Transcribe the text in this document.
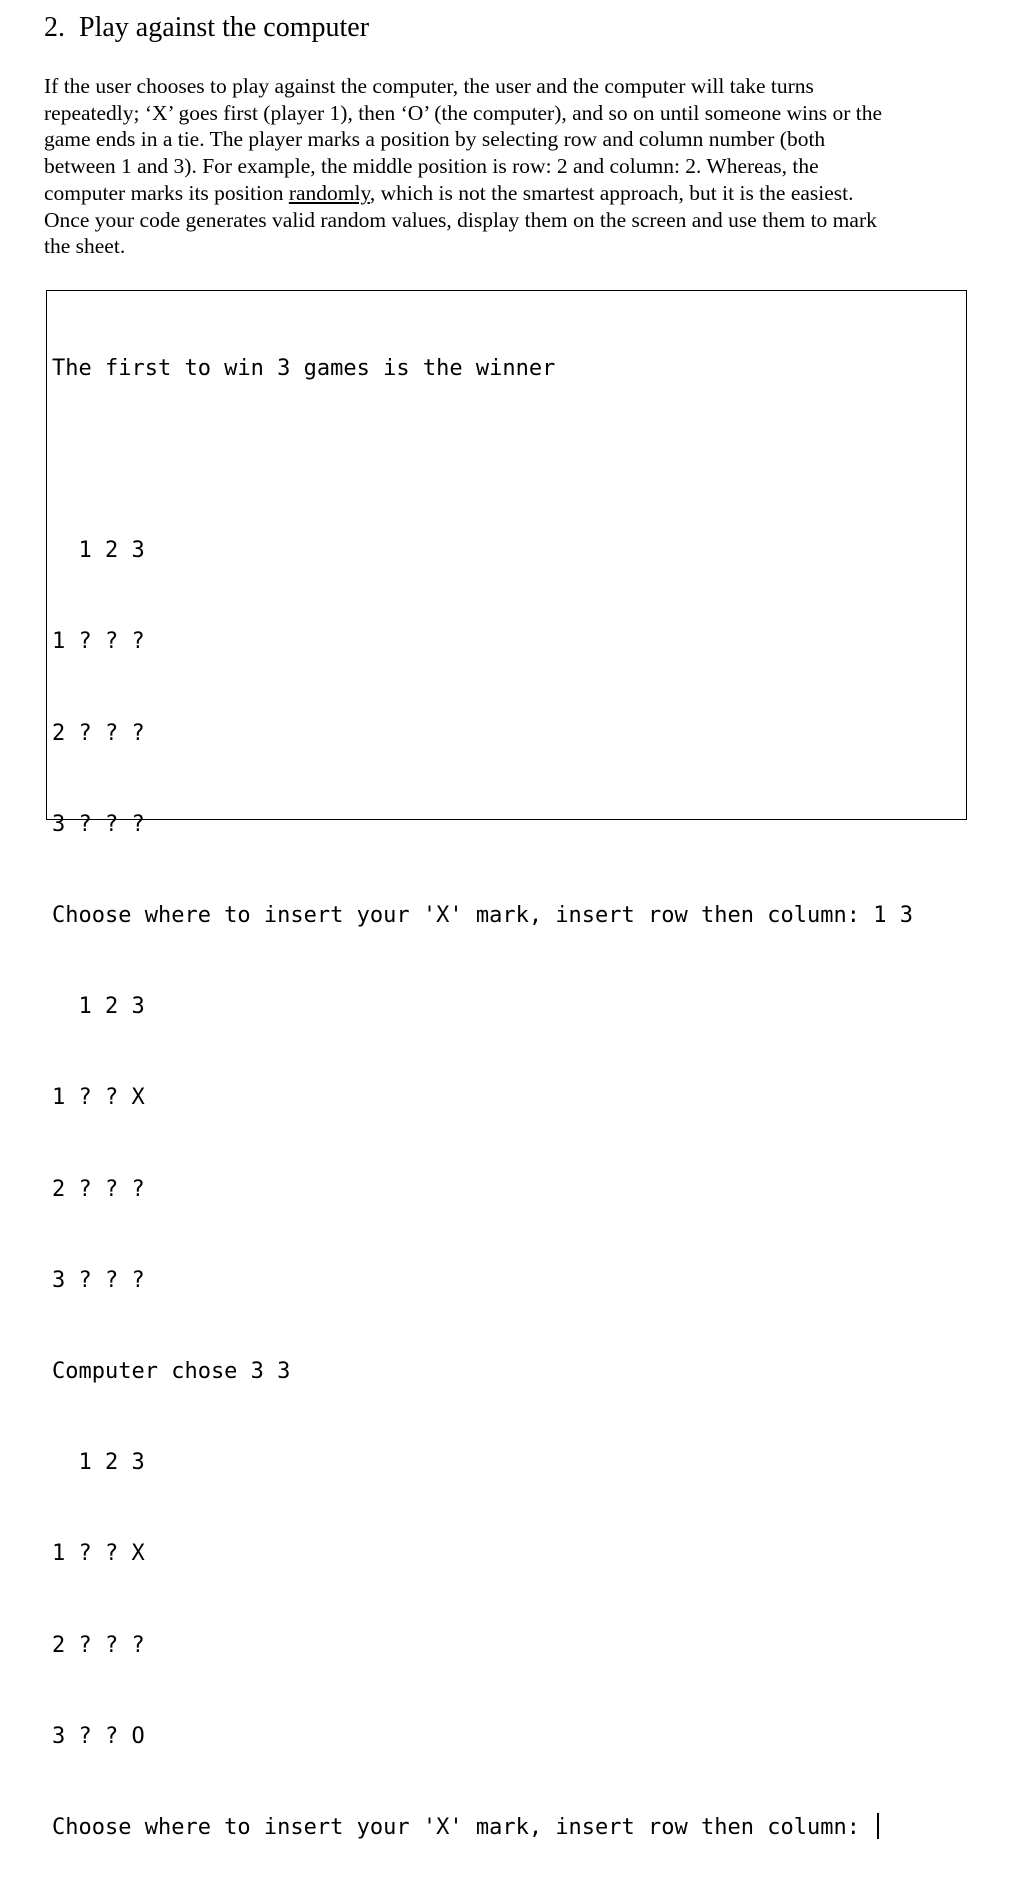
2. Play against the computer
If the user chooses to play against the computer, the user and the computer will take turns
repeatedly; ‘X’ goes first (player 1), then ‘O’ (the computer), and so on until someone wins or the
game ends in a tie. The player marks a position by selecting row and column number (both
between 1 and 3). For example, the middle position is row: 2 and column: 2. Whereas, the
computer marks its position randomly, which is not the smartest approach, but it is the easiest.
Once your code generates valid random values, display them on the screen and use them to mark
the sheet.

The first to win 3 games is the winner

1 2 3

1 ? ? ?

2 ? ? ?

3 ? ? ?

Choose where to insert your 'X' mark, insert row then column: 1 3

1 2 3

1 ? ? X

2 ? ? ?

3 ? ? ?

Computer chose 3 3

1 2 3

1 ? ? X

2 ? ? ?

3 ? ? O

Choose where to insert your 'X' mark, insert row then column:
